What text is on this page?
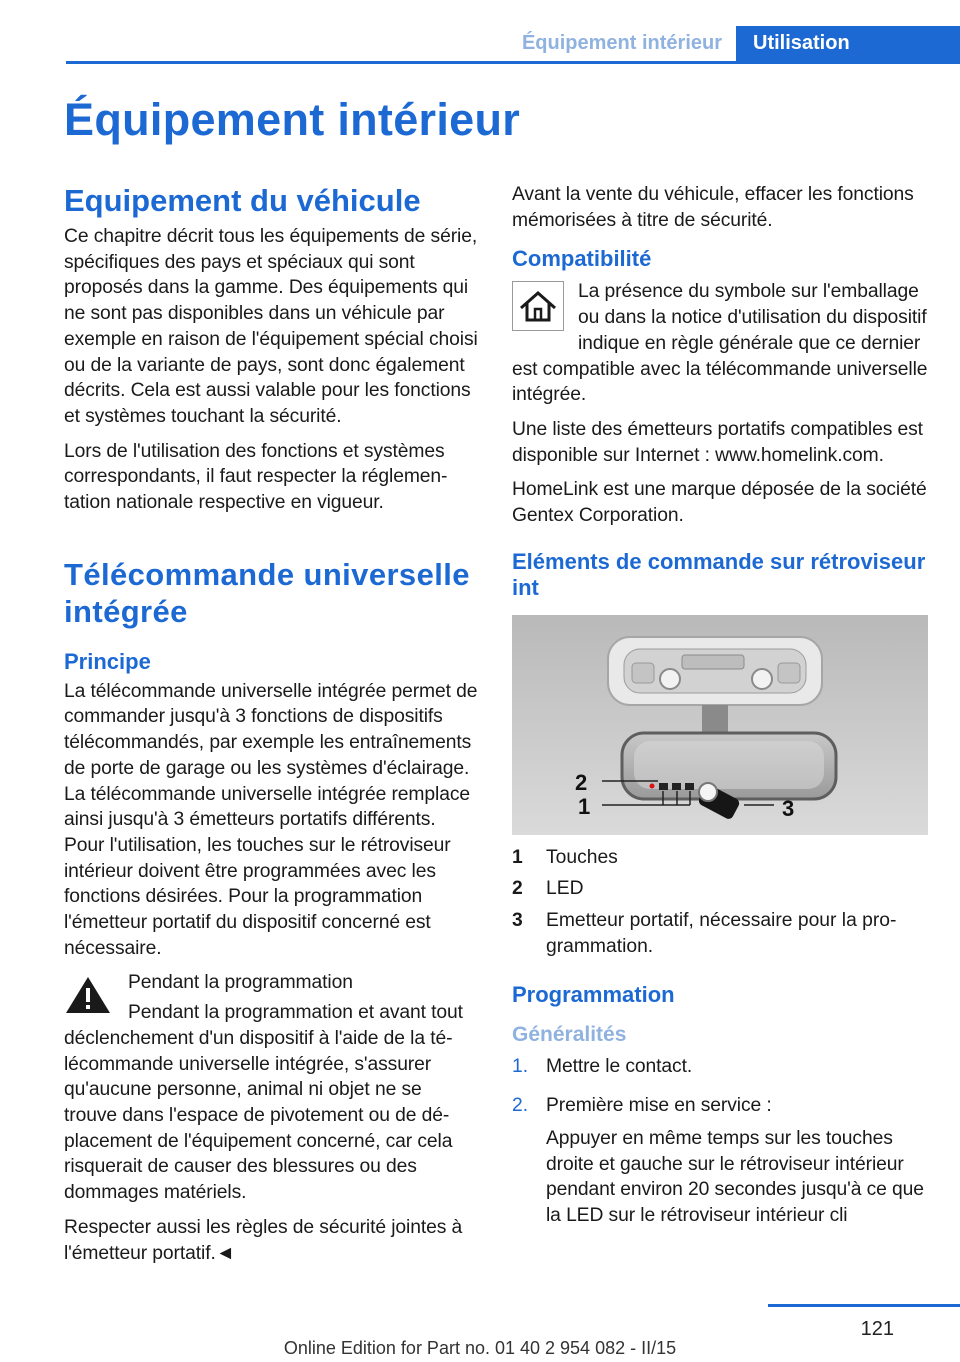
Équipement intérieur	Utilisation
Équipement intérieur
Equipement du véhicule

Ce chapitre décrit tous les équipements de série, spécifiques des pays et spéciaux qui sont proposés dans la gamme. Des équipements qui ne sont pas disponibles dans un véhicule par exemple en raison de l'équipement spécial choisi ou de la variante de pays, sont donc également décrits. Cela est aussi valable pour les fonctions et systèmes touchant la sécurité.

Lors de l'utilisation des fonctions et systèmes correspondants, il faut respecter la réglementation nationale respective en vigueur.

Télécommande universelle intégrée
Principe

La télécommande universelle intégrée permet de commander jusqu'à 3 fonctions de dispositifs télécommandés, par exemple les entraînements de porte de garage ou les systèmes d'éclairage. La télécommande universelle intégrée remplace ainsi jusqu'à 3 émetteurs portatifs différents. Pour l'utilisation, les touches sur le rétroviseur intérieur doivent être programmées avec les fonctions désirées. Pour la programmation l'émetteur portatif du dispositif concerné est nécessaire.

Pendant la programmation

Pendant la programmation et avant tout déclenchement d'un dispositif à l'aide de la télécommande universelle intégrée, s'assurer qu'aucune personne, animal ni objet ne se trouve dans l'espace de pivotement ou de déplacement de l'équipement concerné, car cela risquerait de causer des blessures ou des dommages matériels.

Respecter aussi les règles de sécurité jointes à l'émetteur portatif.◄

Avant la vente du véhicule, effacer les fonctions mémorisées à titre de sécurité.

Compatibilité

La présence du symbole sur l'emballage ou dans la notice d'utilisation du dispositif indique en règle générale que ce dernier est compatible avec la télécommande universelle intégrée.

Une liste des émetteurs portatifs compatibles est disponible sur Internet : www.homelink.com.

HomeLink est une marque déposée de la société Gentex Corporation.

Eléments de commande sur rétroviseur int
2
1	3
1	Touches
2	LED
3	Emetteur portatif, nécessaire pour la programmation.
Programmation
Généralités
1. Mettre le contact.

2. Première mise en service :

Appuyer en même temps sur les touches droite et gauche sur le rétroviseur intérieur pendant environ 20 secondes jusqu'à ce que la LED sur le rétroviseur intérieur cli

121
Online Edition for Part no. 01 40 2 954 082 - II/15
